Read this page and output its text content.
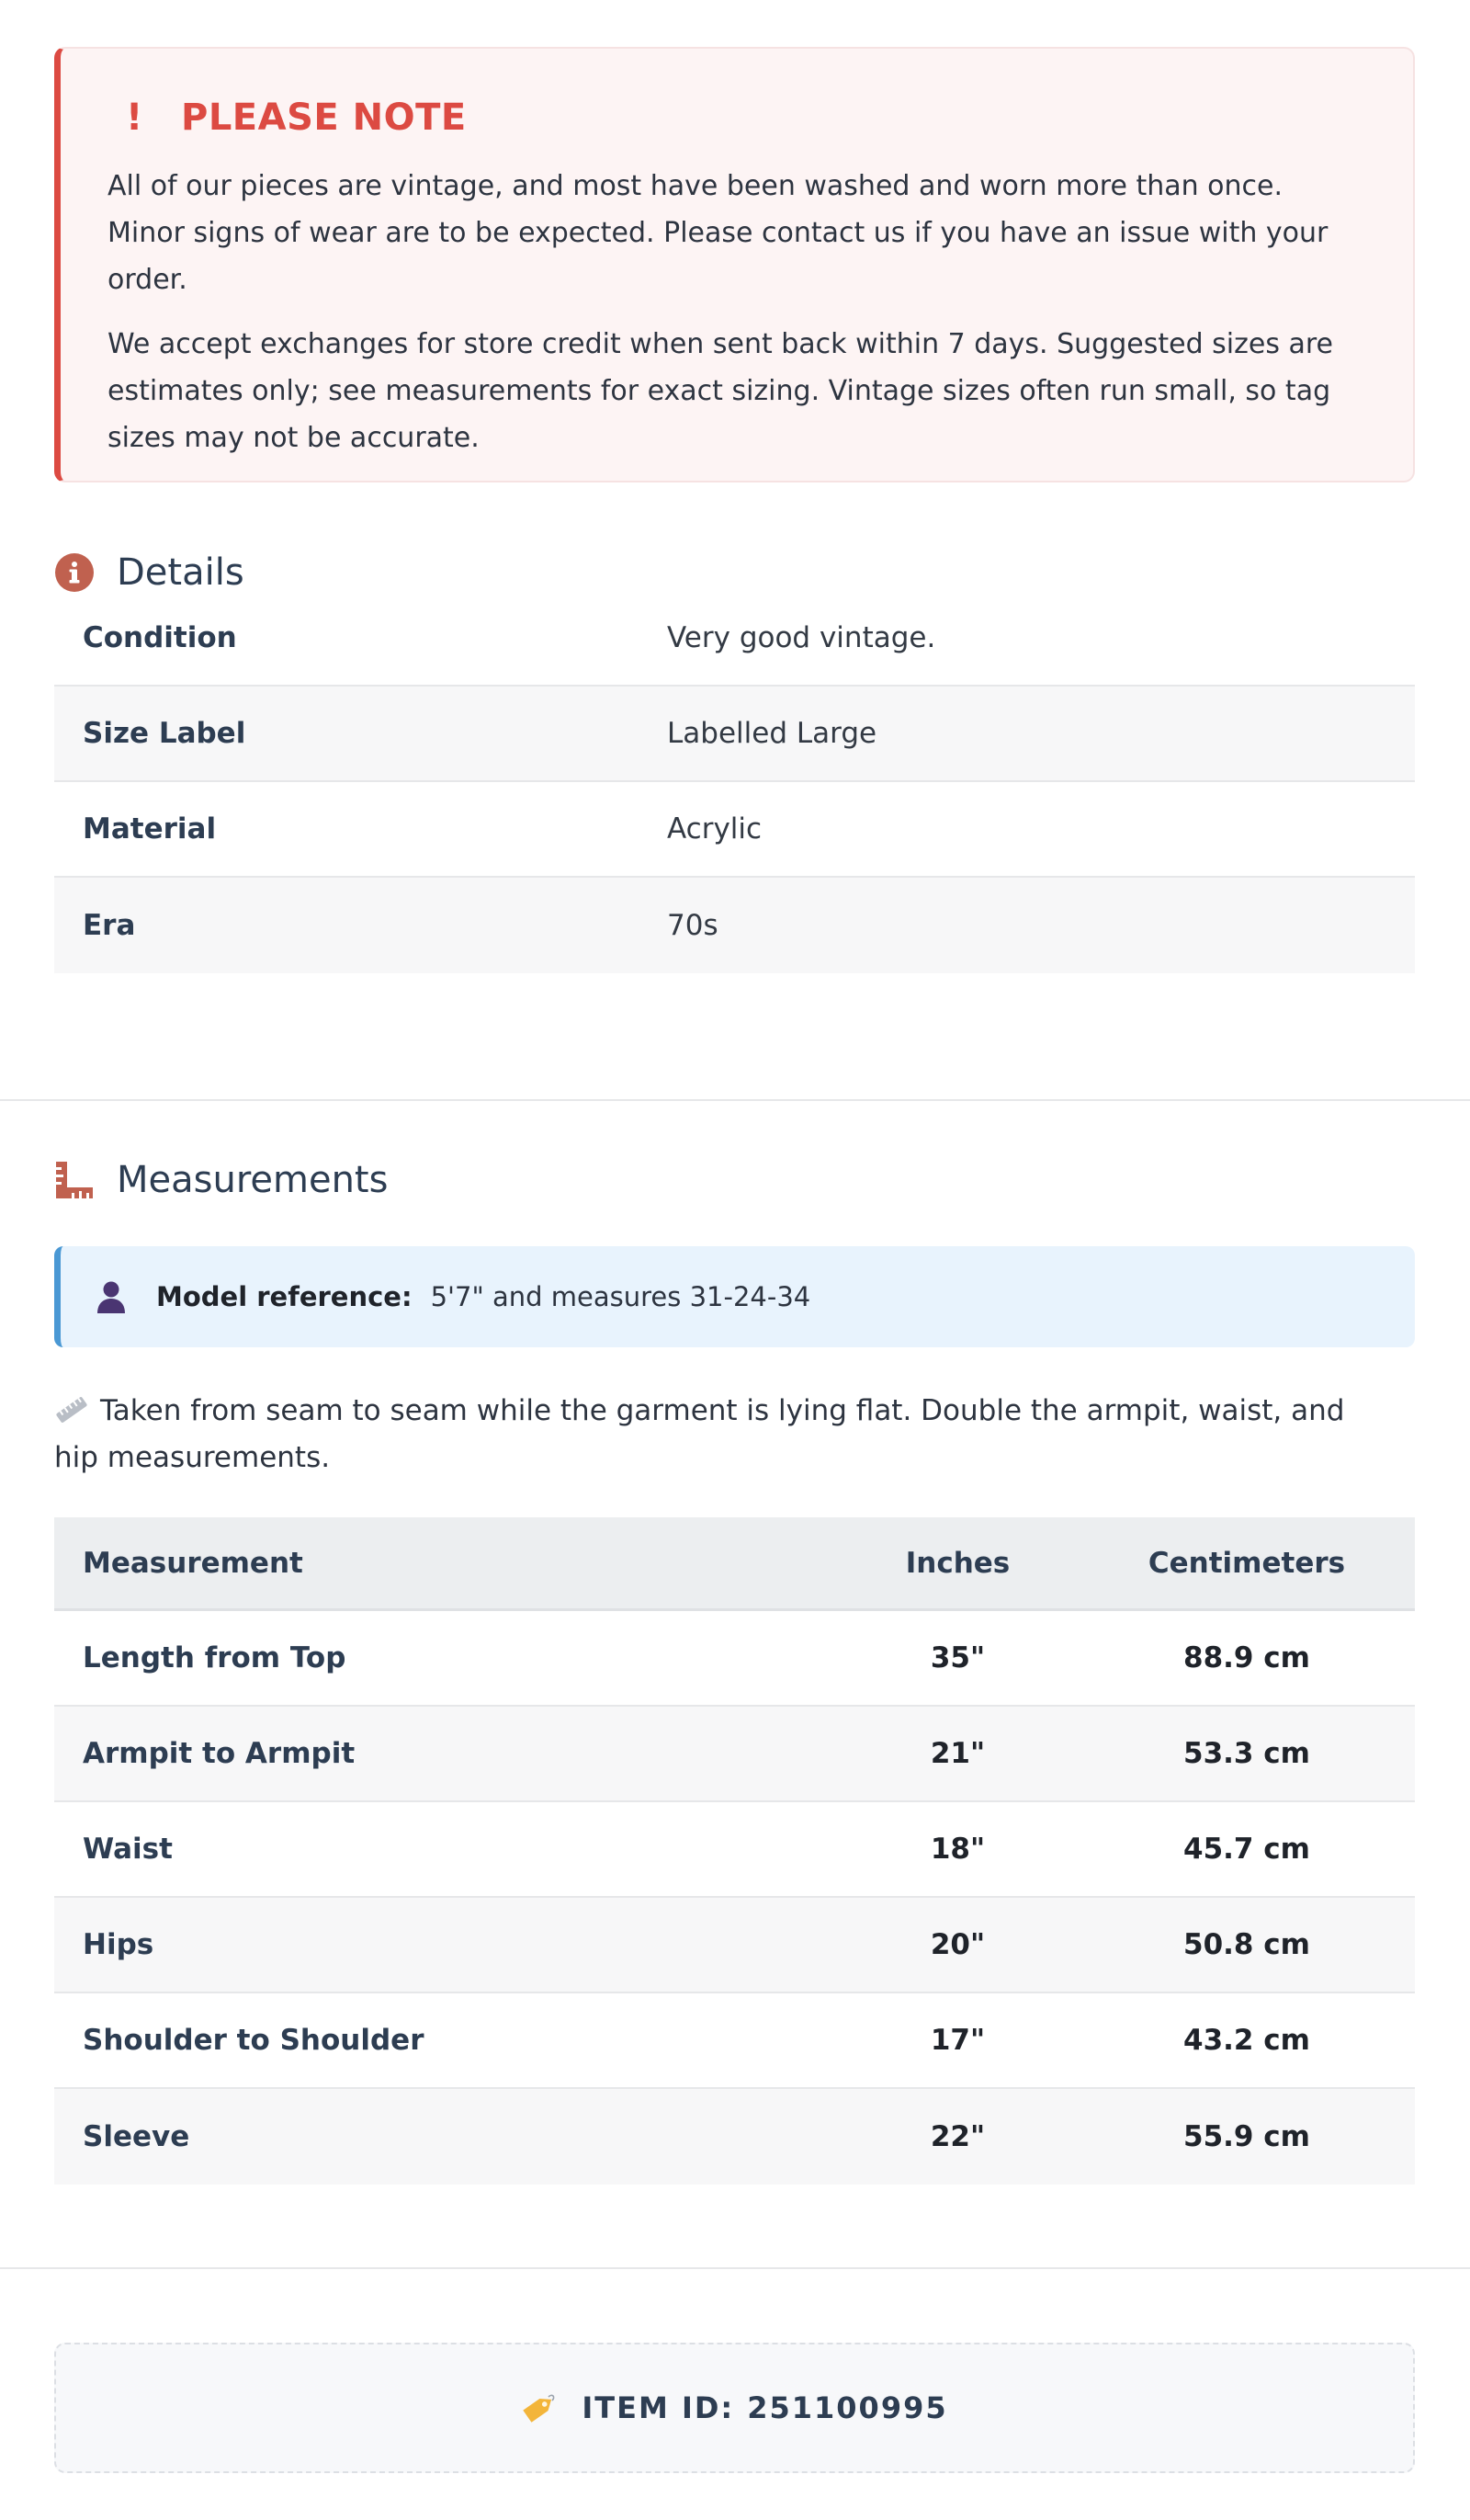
!	PLEASE NOTE

All of our pieces are vintage, and most have been washed and worn more than once. Minor signs of wear are to be expected. Please contact us if you have an issue with your order.

We accept exchanges for store credit when sent back within 7 days. Suggested sizes are estimates only; see measurements for exact sizing. Vintage sizes often run small, so tag sizes may not be accurate.

Details
Condition	Very good vintage.
Size Label	Labelled Large
Material	Acrylic
Era	70s
Measurements
Model reference: 5'7" and measures 31-24-34
Taken from seam to seam while the garment is lying flat. Double the armpit, waist, and hip measurements.
Measurement	Inches	Centimeters
Length from Top	35"	88.9 cm
Armpit to Armpit	21"	53.3 cm
Waist	18"	45.7 cm
Hips	20"	50.8 cm
Shoulder to Shoulder	17"	43.2 cm
Sleeve	22"	55.9 cm
ITEM ID: 251100995
